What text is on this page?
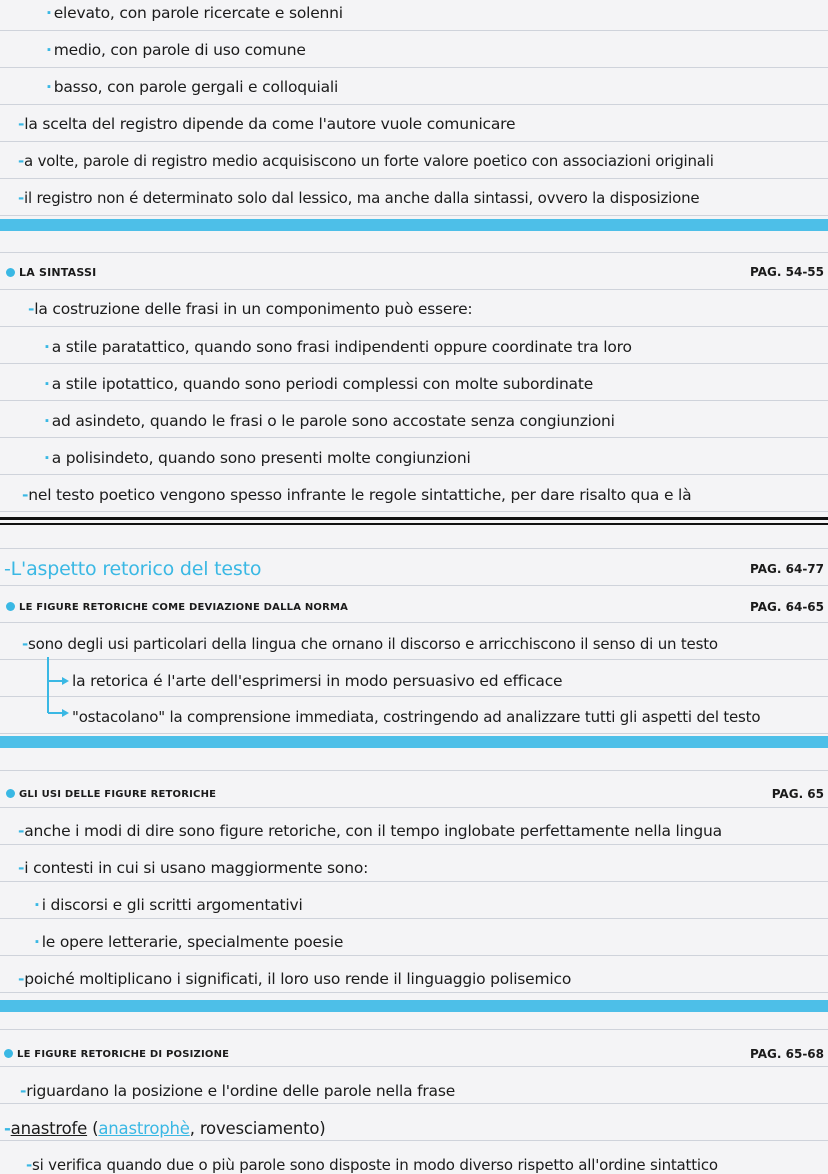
· elevato, con parole ricercate e solenni
· medio, con parole di uso comune
· basso, con parole gergali e colloquiali
-la scelta del registro dipende da come l'autore vuole comunicare
-a volte, parole di registro medio acquisiscono un forte valore poetico con associazioni originali
-il registro non é determinato solo dal lessico, ma anche dalla sintassi, ovvero la disposizione
LA SINTASSI	PAG. 54-55
-la costruzione delle frasi in un componimento può essere:
· a stile paratattico, quando sono frasi indipendenti oppure coordinate tra loro
· a stile ipotattico, quando sono periodi complessi con molte subordinate
· ad asindeto, quando le frasi o le parole sono accostate senza congiunzioni
· a polisindeto, quando sono presenti molte congiunzioni
-nel testo poetico vengono spesso infrante le regole sintattiche, per dare risalto qua e là
-L'aspetto retorico del testo	PAG. 64-77
LE FIGURE RETORICHE COME DEVIAZIONE DALLA NORMA	PAG. 64-65
-sono degli usi particolari della lingua che ornano il discorso e arricchiscono il senso di un testo
la retorica é l'arte dell'esprimersi in modo persuasivo ed efficace
"ostacolano" la comprensione immediata, costringendo ad analizzare tutti gli aspetti del testo
GLI USI DELLE FIGURE RETORICHE	PAG. 65
-anche i modi di dire sono figure retoriche, con il tempo inglobate perfettamente nella lingua
-i contesti in cui si usano maggiormente sono:
· i discorsi e gli scritti argomentativi
· le opere letterarie, specialmente poesie
-poiché moltiplicano i significati, il loro uso rende il linguaggio polisemico
LE FIGURE RETORICHE DI POSIZIONE	PAG. 65-68
-riguardano la posizione e l'ordine delle parole nella frase
-anastrofe (anastrophè, rovesciamento)
-si verifica quando due o più parole sono disposte in modo diverso rispetto all'ordine sintattico
